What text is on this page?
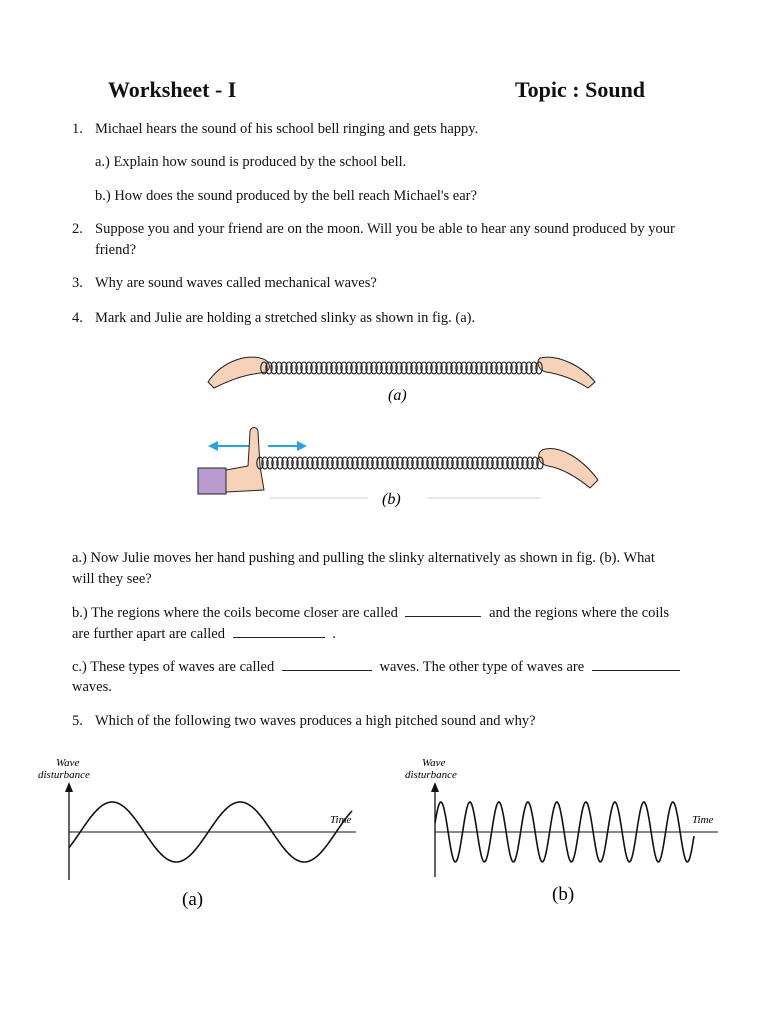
Worksheet - I	Topic : Sound
1. Michael hears the sound of his school bell ringing and gets happy.
a.) Explain how sound is produced by the school bell.
b.) How does the sound produced by the bell reach Michael's ear?
2. Suppose you and your friend are on the moon. Will you be able to hear any sound produced by your
friend?
3. Why are sound waves called mechanical waves?
4. Mark and Julie are holding a stretched slinky as shown in fig. (a).
(a)
(b)
a.) Now Julie moves her hand pushing and pulling the slinky alternatively as shown in fig. (b). What
will they see?
b.) The regions where the coils become closer are called	and the regions where the coils
are further apart are called	.
c.) These types of waves are called	waves. The other type of waves are
waves.
5. Which of the following two waves produces a high pitched sound and why?
Wave
disturbance
Time
(a)
Wave
disturbance
Time
(b)
